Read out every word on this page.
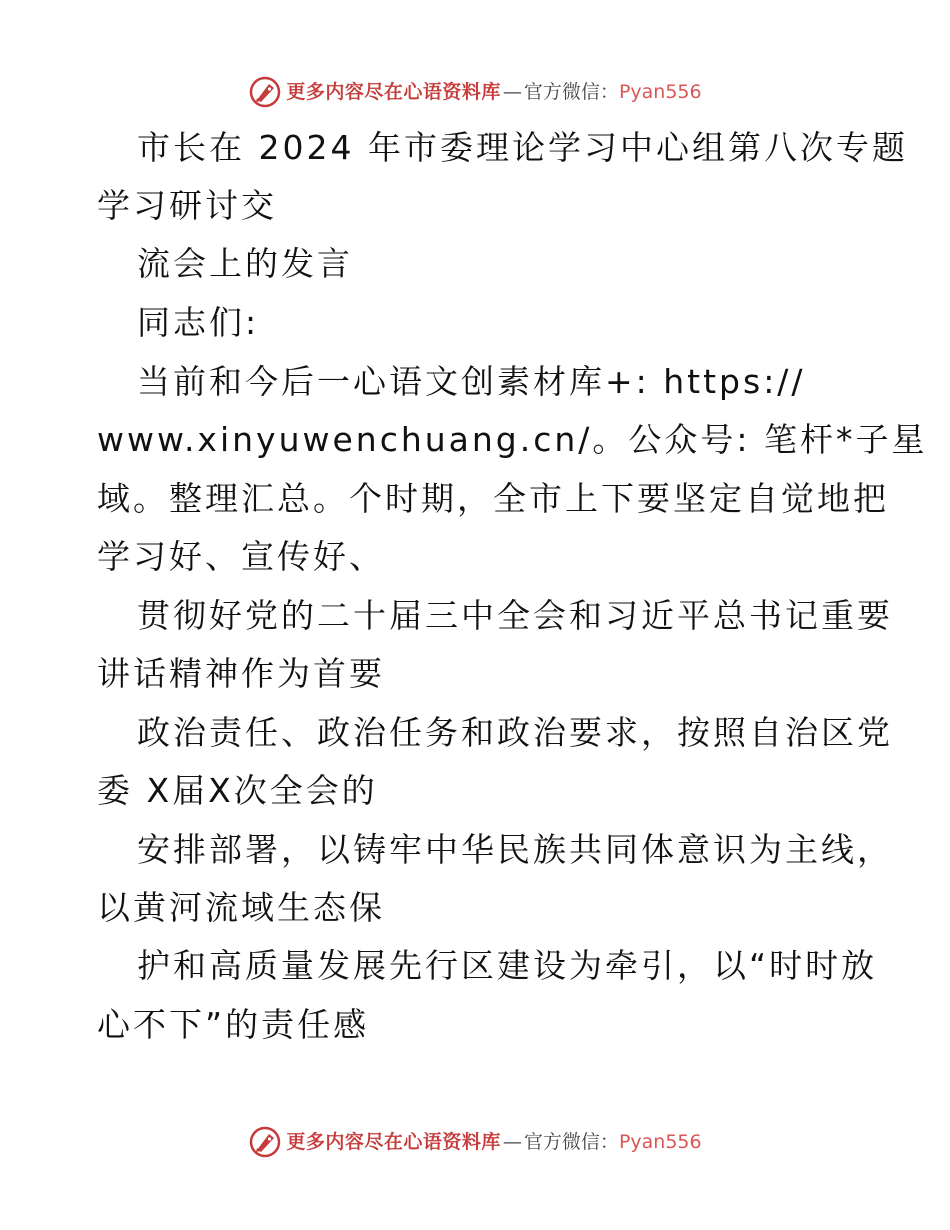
更多内容尽在心语资料库 — 官方微信： Pyan556
市长在 2024 年市委理论学习中心组第八次专题
学习研讨交
流会上的发言
同志们:
当前和今后一心语文创素材库+: https://
www.xinyuwenchuang.cn/。公众号: 笔杆*子星
域。整理汇总。个时期，全市上下要坚定自觉地把
学习好、宣传好、
贯彻好党的二十届三中全会和习近平总书记重要
讲话精神作为首要
政治责任、政治任务和政治要求，按照自治区党
委 X届X次全会的
安排部署，以铸牢中华民族共同体意识为主线，
以黄河流域生态保
护和高质量发展先行区建设为牵引，以“时时放
心不下”的责任感
更多内容尽在心语资料库 — 官方微信： Pyan556
